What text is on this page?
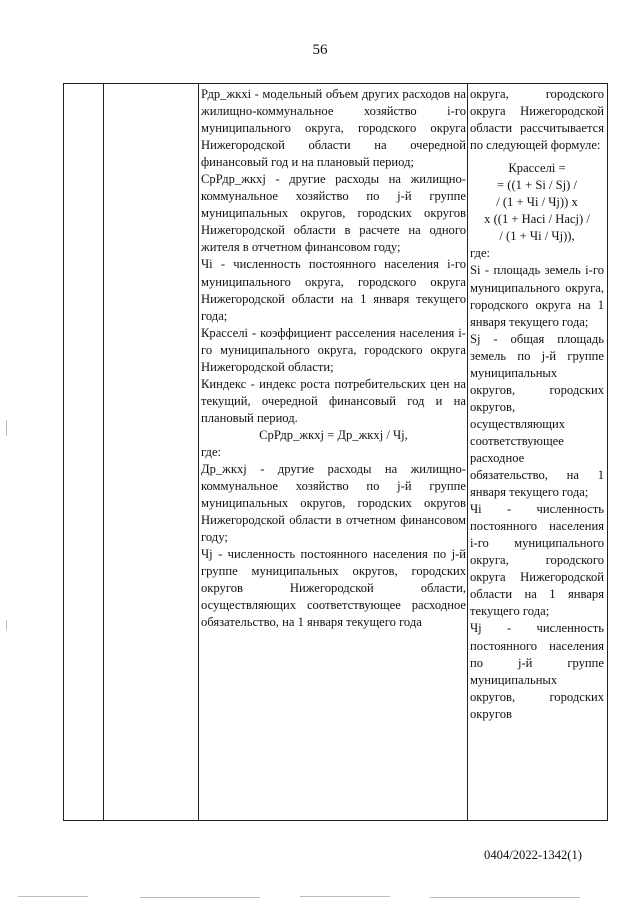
56

Рдр_жкхi - модельный объем других расходов на жилищно-коммунальное хозяйство i-го муниципального округа, городского округа Нижегородской области на очередной финансовый год и на плановый период;

СрРдр_жкхj - другие расходы на жилищно-коммунальное хозяйство по j-й группе муниципальных округов, городских округов Нижегородской области в расчете на одного жителя в отчетном финансовом году;

Чi - численность постоянного населения i-го муниципального округа, городского округа Нижегородской области на 1 января текущего года;

Красселi - коэффициент расселения населения i-го муниципального округа, городского округа Нижегородской области;

Киндекс - индекс роста потребительских цен на текущий, очередной финансовый год и на плановый период.

СрРдр_жкхj = Др_жкхj / Чj,

где:

Др_жкхj - другие расходы на жилищно-коммунальное хозяйство по j-й группе муниципальных округов, городских округов Нижегородской области в отчетном финансовом году;

Чj - численность постоянного населения по j-й группе муниципальных округов, городских округов Нижегородской области, осуществляющих соответствующее расходное обязательство, на 1 января текущего года

округа, городского округа Нижегородской области рассчитывается по следующей формуле:

Красселi =

= ((1 + Si / Sj) /

/ (1 + Чi / Чj)) x

x ((1 + Насi / Насj) /

/ (1 + Чi / Чj)),

где:

Si - площадь земель i-го муниципального округа, городского округа на 1 января текущего года;

Sj - общая площадь земель по j-й группе муниципальных округов, городских округов, осуществляющих соответствующее расходное обязательство, на 1 января текущего года;

Чi - численность постоянного населения i-го муниципального округа, городского округа Нижегородской области на 1 января текущего года;

Чj - численность постоянного населения по j-й группе муниципальных округов, городских округов

0404/2022-1342(1)
